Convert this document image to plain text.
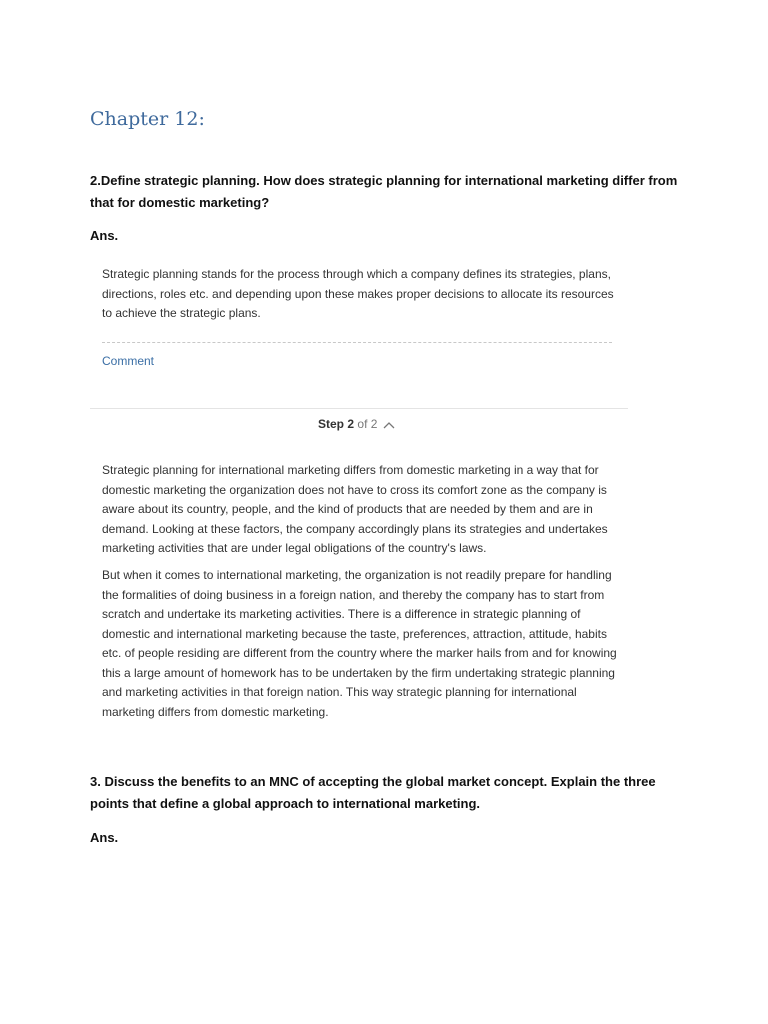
Chapter 12:

2.Define strategic planning. How does strategic planning for international marketing differ from that for domestic marketing?

Ans.

Strategic planning stands for the process through which a company defines its strategies, plans, directions, roles etc. and depending upon these makes proper decisions to allocate its resources to achieve the strategic plans.

Comment
Step
2
of 2

Strategic planning for international marketing differs from domestic marketing in a way that for domestic marketing the organization does not have to cross its comfort zone as the company is aware about its country, people, and the kind of products that are needed by them and are in demand. Looking at these factors, the company accordingly plans its strategies and undertakes marketing activities that are under legal obligations of the country's laws.

But when it comes to international marketing, the organization is not readily prepare for handling the formalities of doing business in a foreign nation, and thereby the company has to start from scratch and undertake its marketing activities. There is a difference in strategic planning of domestic and international marketing because the taste, preferences, attraction, attitude, habits etc. of people residing are different from the country where the marker hails from and for knowing this a large amount of homework has to be undertaken by the firm undertaking strategic planning and marketing activities in that foreign nation. This way strategic planning for international marketing differs from domestic marketing.

3. Discuss the benefits to an MNC of accepting the global market concept. Explain the three points that define a global approach to international marketing.

Ans.
